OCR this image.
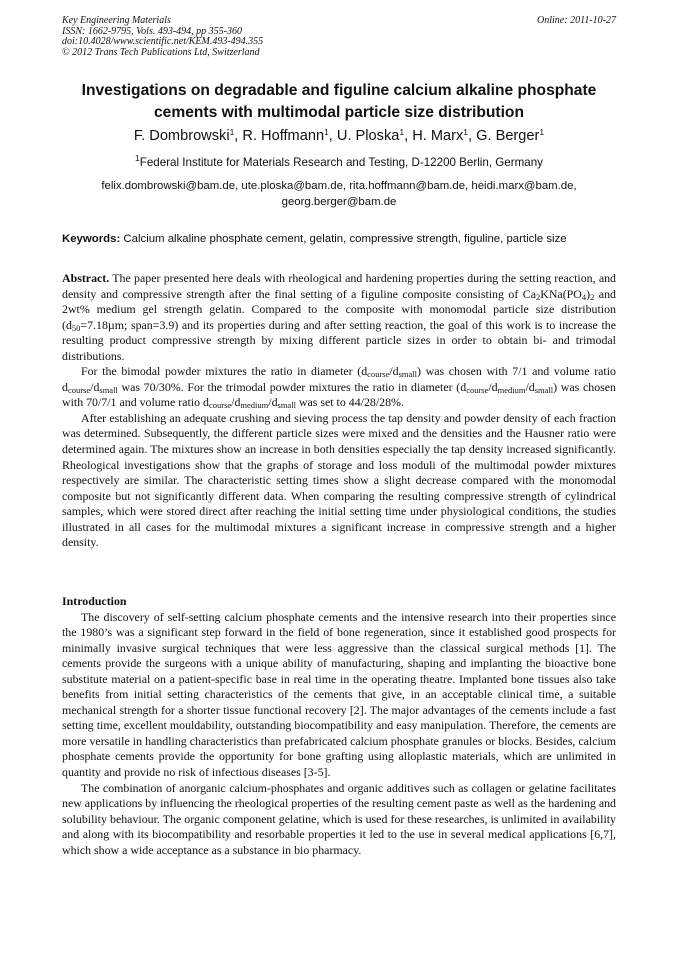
Key Engineering Materials
ISSN: 1662-9795, Vols. 493-494, pp 355-360
doi:10.4028/www.scientific.net/KEM.493-494.355
© 2012 Trans Tech Publications Ltd, Switzerland
Online: 2011-10-27
Investigations on degradable and figuline calcium alkaline phosphate cements with multimodal particle size distribution
F. Dombrowski$^1$, R. Hoffmann$^1$, U. Ploska$^1$, H. Marx$^1$, G. Berger$^1$
$^1$Federal Institute for Materials Research and Testing, D-12200 Berlin, Germany
felix.dombrowski@bam.de, ute.ploska@bam.de, rita.hoffmann@bam.de, heidi.marx@bam.de, georg.berger@bam.de
Keywords: Calcium alkaline phosphate cement, gelatin, compressive strength, figuline, particle size

Abstract. The paper presented here deals with rheological and hardening properties during the setting reaction, and density and compressive strength after the final setting of a figuline composite consisting of $Ca_2KNa(PO_4)_2$ and 2wt% medium gel strength gelatin. Compared to the composite with monomodal particle size distribution ($d_{50}=7.18\mu m$; span=3.9) and its properties during and after setting reaction, the goal of this work is to increase the resulting product compressive strength by mixing different particle sizes in order to obtain bi- and trimodal distributions.

For the bimodal powder mixtures the ratio in diameter $(d_{course}/d_{small})$ was chosen with 7/1 and volume ratio $d_{course}/d_{small}$ was 70/30%. For the trimodal powder mixtures the ratio in diameter $(d_{course}/d_{medium}/d_{small})$ was chosen with 70/7/1 and volume ratio $d_{course}/d_{medium}/d_{small}$ was set to 44/28/28%.

After establishing an adequate crushing and sieving process the tap density and powder density of each fraction was determined. Subsequently, the different particle sizes were mixed and the densities and the Hausner ratio were determined again. The mixtures show an increase in both densities especially the tap density increased significantly. Rheological investigations show that the graphs of storage and loss moduli of the multimodal powder mixtures respectively are similar. The characteristic setting times show a slight decrease compared with the monomodal composite but not significantly different data. When comparing the resulting compressive strength of cylindrical samples, which were stored direct after reaching the initial setting time under physiological conditions, the studies illustrated in all cases for the multimodal mixtures a significant increase in compressive strength and a higher density.

Introduction

The discovery of self-setting calcium phosphate cements and the intensive research into their properties since the 1980’s was a significant step forward in the field of bone regeneration, since it established good prospects for minimally invasive surgical techniques that were less aggressive than the classical surgical methods [1]. The cements provide the surgeons with a unique ability of manufacturing, shaping and implanting the bioactive bone substitute material on a patient-specific base in real time in the operating theatre. Implanted bone tissues also take benefits from initial setting characteristics of the cements that give, in an acceptable clinical time, a suitable mechanical strength for a shorter tissue functional recovery [2]. The major advantages of the cements include a fast setting time, excellent mouldability, outstanding biocompatibility and easy manipulation. Therefore, the cements are more versatile in handling characteristics than prefabricated calcium phosphate granules or blocks. Besides, calcium phosphate cements provide the opportunity for bone grafting using alloplastic materials, which are unlimited in quantity and provide no risk of infectious diseases [3-5].

The combination of anorganic calcium-phosphates and organic additives such as collagen or gelatine facilitates new applications by influencing the rheological properties of the resulting cement paste as well as the hardening and solubility behaviour. The organic component gelatine, which is used for these researches, is unlimited in availability and along with its biocompatibility and resorbable properties it led to the use in several medical applications [6,7], which show a wide acceptance as a substance in bio pharmacy.
